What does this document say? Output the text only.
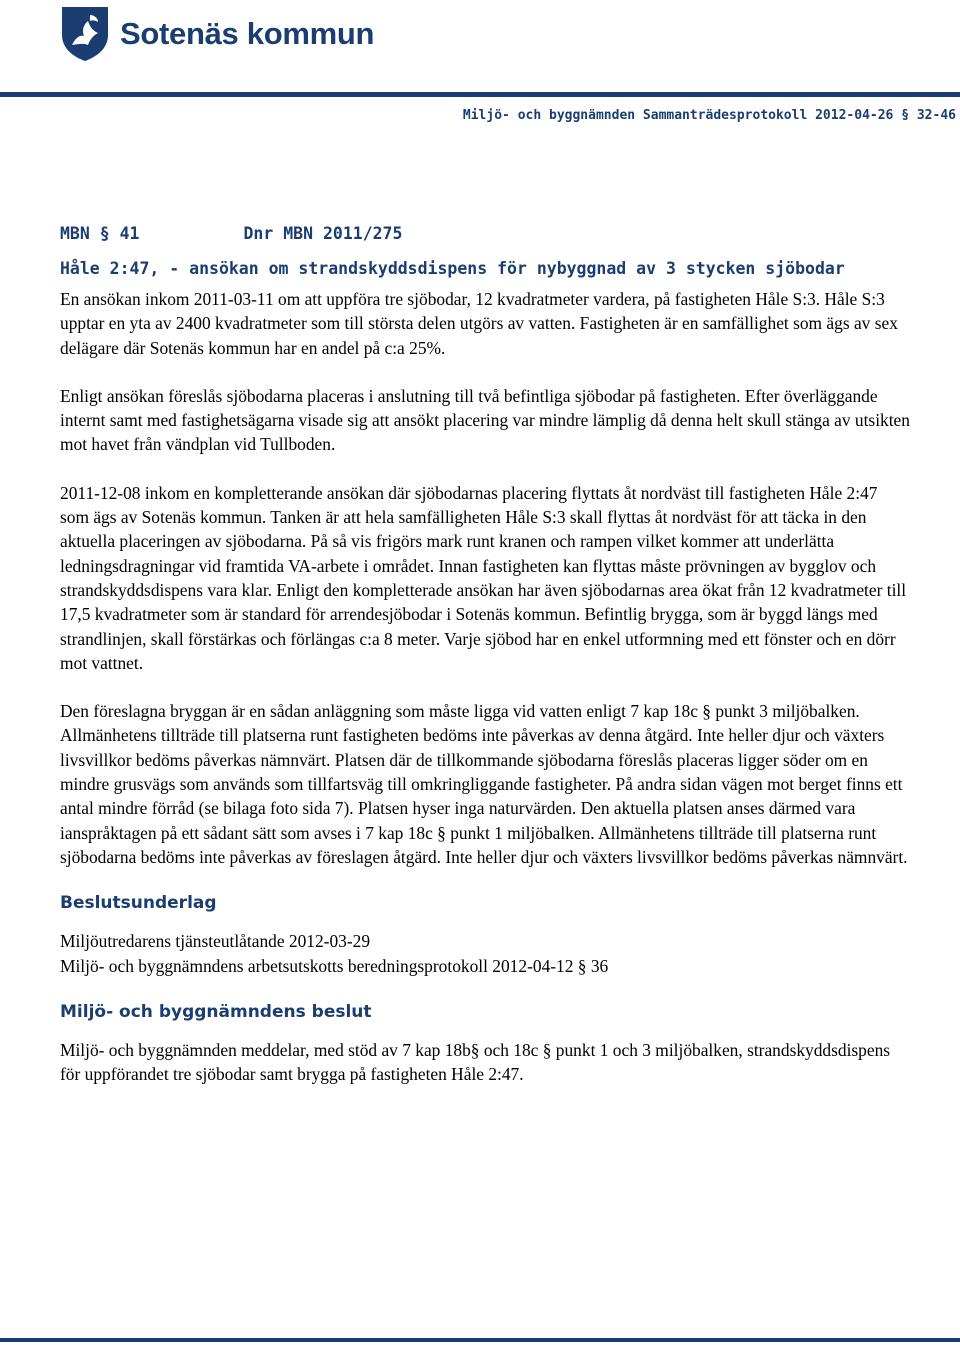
Sotenäs kommun
Miljö- och byggnämnden Sammanträdesprotokoll 2012-04-26 § 32-46
MBN § 41	Dnr MBN 2011/275
Håle 2:47, - ansökan om strandskyddsdispens för nybyggnad av 3 stycken sjöbodar

En ansökan inkom 2011-03-11 om att uppföra tre sjöbodar, 12 kvadratmeter vardera, på fastigheten Håle S:3. Håle S:3 upptar en yta av 2400 kvadratmeter som till största delen utgörs av vatten. Fastigheten är en samfällighet som ägs av sex delägare där Sotenäs kommun har en andel på c:a 25%.

Enligt ansökan föreslås sjöbodarna placeras i anslutning till två befintliga sjöbodar på fastigheten. Efter överläggande internt samt med fastighetsägarna visade sig att ansökt placering var mindre lämplig då denna helt skull stänga av utsikten mot havet från vändplan vid Tullboden.

2011-12-08 inkom en kompletterande ansökan där sjöbodarnas placering flyttats åt nordväst till fastigheten Håle 2:47 som ägs av Sotenäs kommun. Tanken är att hela samfälligheten Håle S:3 skall flyttas åt nordväst för att täcka in den aktuella placeringen av sjöbodarna. På så vis frigörs mark runt kranen och rampen vilket kommer att underlätta ledningsdragningar vid framtida VA-arbete i området. Innan fastigheten kan flyttas måste prövningen av bygglov och strandskyddsdispens vara klar. Enligt den kompletterade ansökan har även sjöbodarnas area ökat från 12 kvadratmeter till 17,5 kvadratmeter som är standard för arrendesjöbodar i Sotenäs kommun. Befintlig brygga, som är byggd längs med strandlinjen, skall förstärkas och förlängas c:a 8 meter. Varje sjöbod har en enkel utformning med ett fönster och en dörr mot vattnet.

Den föreslagna bryggan är en sådan anläggning som måste ligga vid vatten enligt 7 kap 18c § punkt 3 miljöbalken. Allmänhetens tillträde till platserna runt fastigheten bedöms inte påverkas av denna åtgärd. Inte heller djur och växters livsvillkor bedöms påverkas nämnvärt. Platsen där de tillkommande sjöbodarna föreslås placeras ligger söder om en mindre grusvägs som används som tillfartsväg till omkringliggande fastigheter. På andra sidan vägen mot berget finns ett antal mindre förråd (se bilaga foto sida 7). Platsen hyser inga naturvärden. Den aktuella platsen anses därmed vara ianspråktagen på ett sådant sätt som avses i 7 kap 18c § punkt 1 miljöbalken. Allmänhetens tillträde till platserna runt sjöbodarna bedöms inte påverkas av föreslagen åtgärd. Inte heller djur och växters livsvillkor bedöms påverkas nämnvärt.

Beslutsunderlag

Miljöutredarens tjänsteutlåtande 2012-03-29
Miljö- och byggnämndens arbetsutskotts beredningsprotokoll 2012-04-12 § 36

Miljö- och byggnämndens beslut

Miljö- och byggnämnden meddelar, med stöd av 7 kap 18b§ och 18c § punkt 1 och 3 miljöbalken, strandskyddsdispens för uppförandet tre sjöbodar samt brygga på fastigheten Håle 2:47.
